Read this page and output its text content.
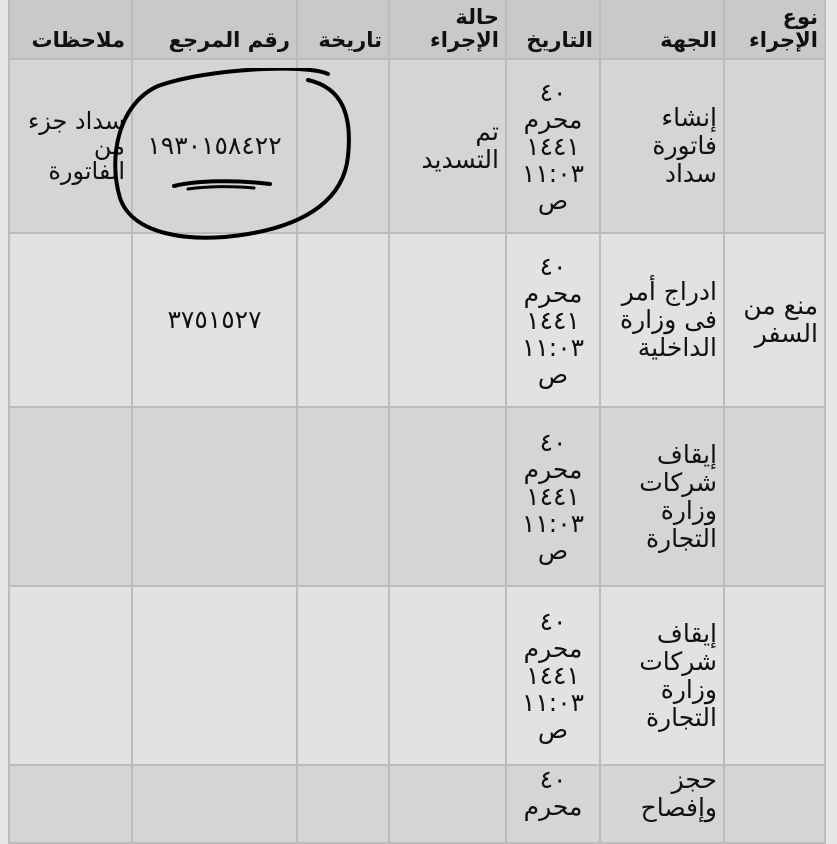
ملاحظات	رقم المرجع	تاريخة	حالة الإجراء	التاريخ	الجهة	نوع الإجراء
سداد جزء من الفاتورة	١٩٣٠١٥٨٤٢٢		تم التسديد	٤٠
محرم
١٤٤١
١١:٠٣
ص	إنشاء فاتورة سداد	
	٣٧٥١٥٢٧			٤٠
محرم
١٤٤١
١١:٠٣
ص	ادراج أمر فى وزارة الداخلية	منع من السفر

				٤٠
محرم
١٤٤١
١١:٠٣
ص	إيقاف شركات وزارة التجارة	

				٤٠
محرم
١٤٤١
١١:٠٣
ص	إيقاف شركات وزارة التجارة	

				٤٠
محرم	حجز وإفصاح	
